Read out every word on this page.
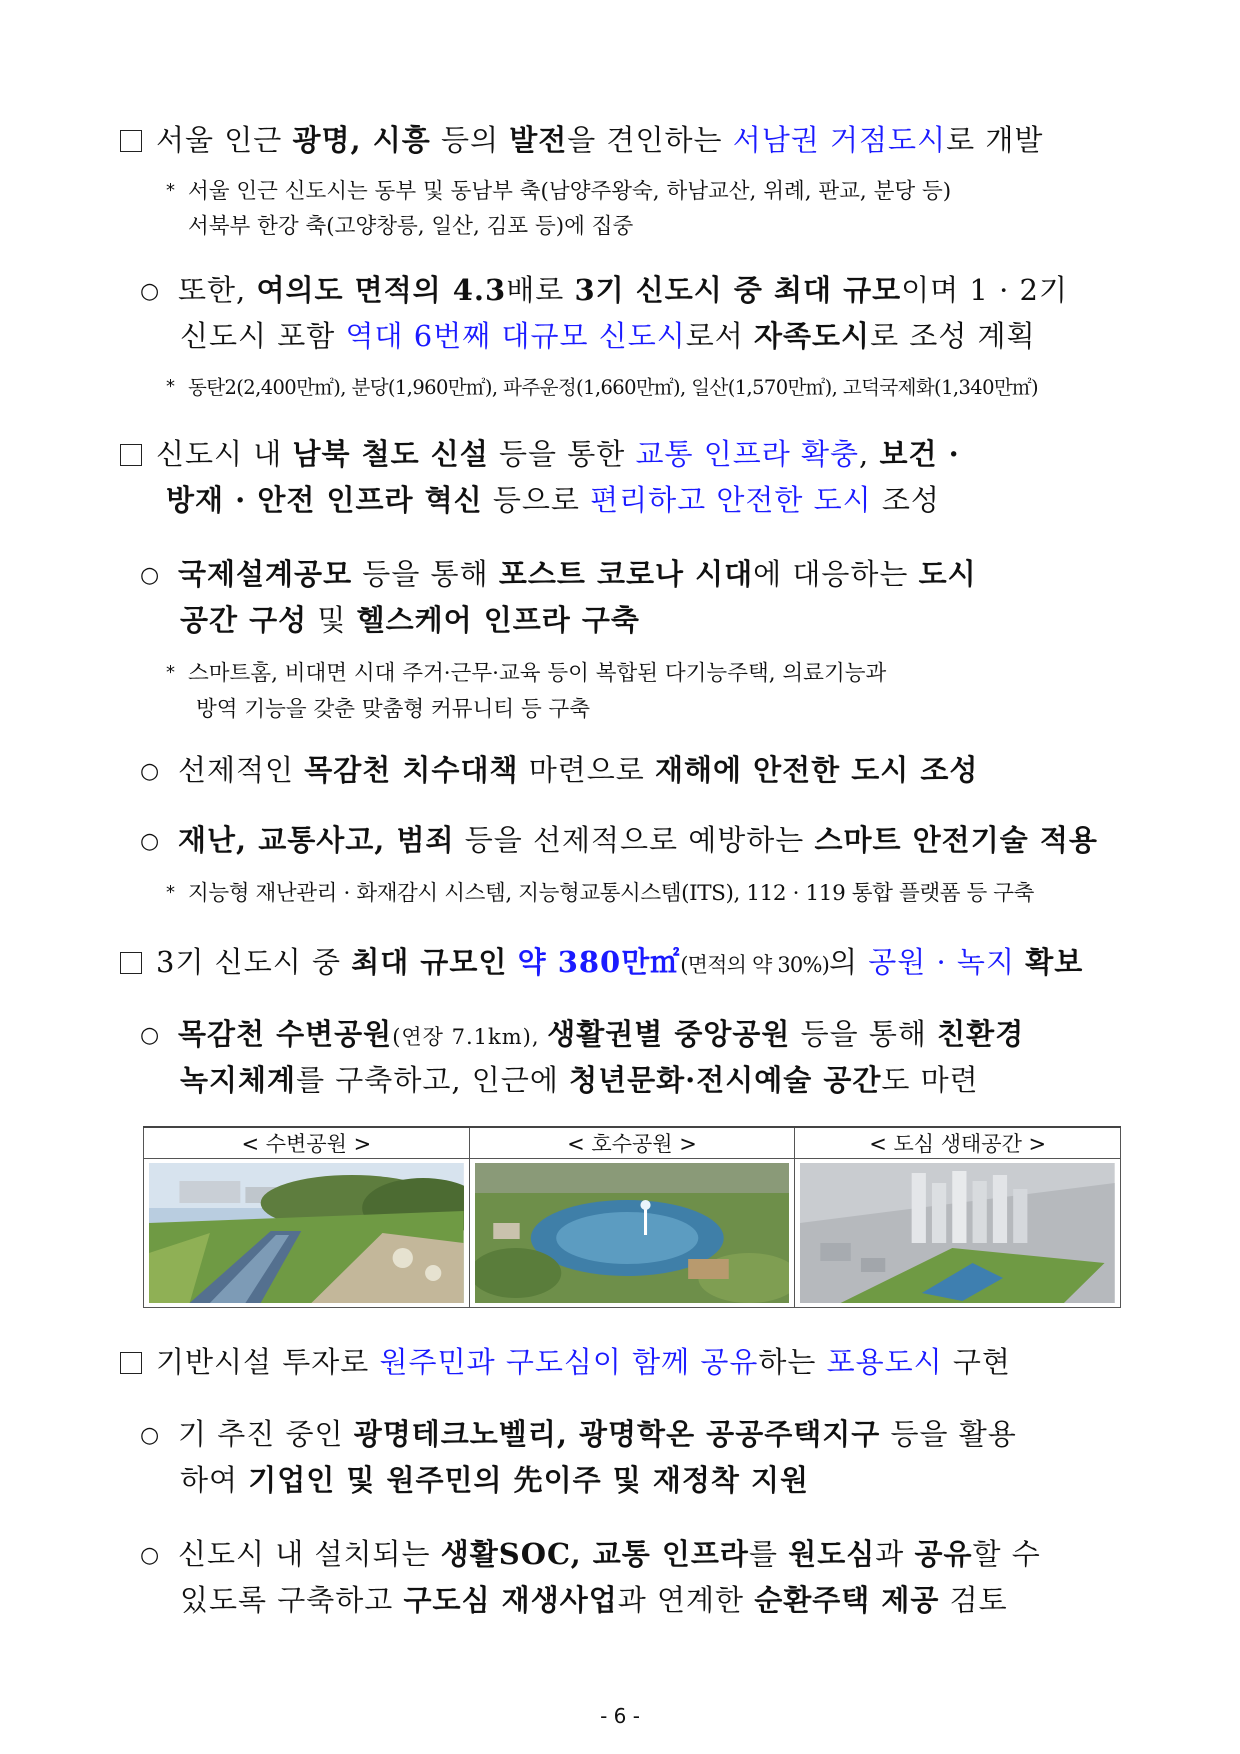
서울 인근 광명, 시흥 등의 발전을 견인하는 서남권 거점도시로 개발
* 서울 인근 신도시는 동부 및 동남부 축(남양주왕숙, 하남교산, 위례, 판교, 분당 등)
서북부 한강 축(고양창릉, 일산, 김포 등)에 집중
○ 또한, 여의도 면적의 4.3배로 3기 신도시 중 최대 규모이며 1 · 2기
신도시 포함 역대 6번째 대규모 신도시로서 자족도시로 조성 계획
* 동탄2(2,400만㎡), 분당(1,960만㎡), 파주운정(1,660만㎡), 일산(1,570만㎡), 고덕국제화(1,340만㎡)
신도시 내 남북 철도 신설 등을 통한 교통 인프라 확충, 보건 ·
방재 · 안전 인프라 혁신 등으로 편리하고 안전한 도시 조성
○ 국제설계공모 등을 통해 포스트 코로나 시대에 대응하는 도시
공간 구성 및 헬스케어 인프라 구축
* 스마트홈, 비대면 시대 주거·근무·교육 등이 복합된 다기능주택, 의료기능과
방역 기능을 갖춘 맞춤형 커뮤니티 등 구축
○ 선제적인 목감천 치수대책 마련으로 재해에 안전한 도시 조성
○ 재난, 교통사고, 범죄 등을 선제적으로 예방하는 스마트 안전기술 적용
* 지능형 재난관리 · 화재감시 시스템, 지능형교통시스템(ITS), 112 · 119 통합 플랫폼 등 구축
3기 신도시 중 최대 규모인 약 380만㎡(면적의 약 30%)의 공원 · 녹지 확보
○ 목감천 수변공원(연장 7.1km), 생활권별 중앙공원 등을 통해 친환경
녹지체계를 구축하고, 인근에 청년문화·전시예술 공간도 마련
< 수변공원 >	< 호수공원 >	< 도심 생태공간 >

기반시설 투자로 원주민과 구도심이 함께 공유하는 포용도시 구현
○ 기 추진 중인 광명테크노벨리, 광명학온 공공주택지구 등을 활용
하여 기업인 및 원주민의 先이주 및 재정착 지원
○ 신도시 내 설치되는 생활SOC, 교통 인프라를 원도심과 공유할 수
있도록 구축하고 구도심 재생사업과 연계한 순환주택 제공 검토
- 6 -
